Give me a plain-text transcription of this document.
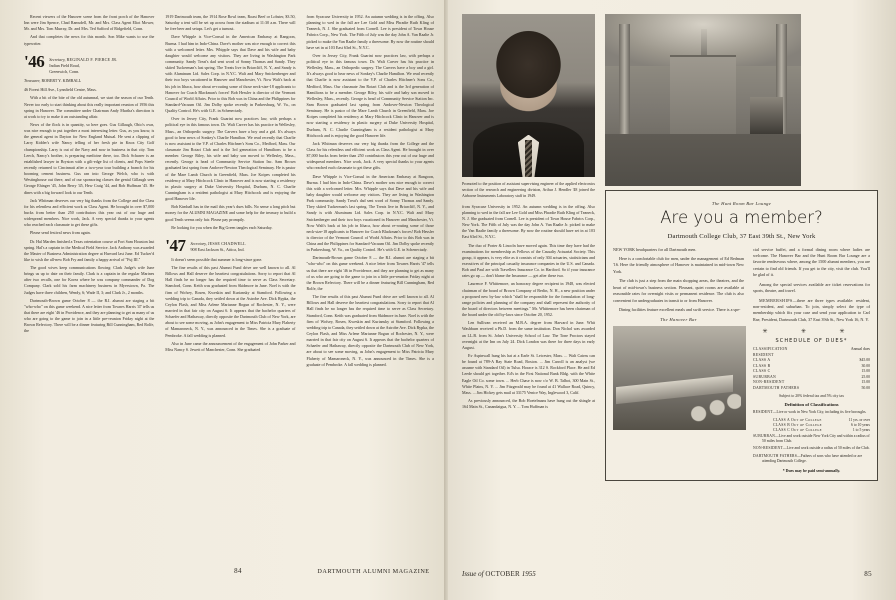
Recent viewers of the Hanover scene from the front porch of the Hanover Inn were Jim Spence, Chad Ramsdell, Mr. and Mrs. Class Agent Eliot Mower, Mr. and Mrs. Tom Murray, Dr. and Mrs. Ted Safford of Ridgefield, Conn.

And that completes the news for this month. Son Mike wants to use the typewriter.

'46 Secretary, REGINALD F. PIERCE JR.
Indian Field Road,
Greenwich, Conn.
Treasurer, ROBERT Y. KIMBALL
46 Forest Hill Ave., Lynnfield Centre, Mass.

With a bit of the bite of the old autumnal, we start the season of our Tenth. Never too early to start thinking about this really important reunion of 1956 this spring in Hanover. The committee under Chairman Andy Murtha's direction is at work to try to make it an outstanding affair.

News of the flock is in quantity, so here goes. Gus Gillaugh, Ohio's own, was nice enough to put together a most interesting letter. Gus, as you know, is the general agent in Dayton for New England Mutual. He sent a clipping of Larry Kidder's wife Nancy telling of her fresh pie in Knox City Golf championship. Larry is out of the Navy and now in business in that city. Tom Leech, Nancy's brother, is preparing medicine there, too. Dick Scharrer is an established lawyer in Bryston with a gilt-edge list of clients, and Pops Steele recently returned to Cincinnati after a two-year tour building a branch for his booming cement business. Gus ran into George Welch, who is with Westinghouse out there, and of our sponsoring classes the genial Gillaugh sees George Ehinger '45, John Berry '45, Hew Craig '44, and Bob Huffman '45. He dines with a big forward look to our Tenth.

Jack Whitman deserves our very big thanks from the College and the Class for his relentless and efficient work as Class Agent. He brought in over $7,000 bucks from better than 250 contributors this year out of our huge and widespread members. Nice work, Jack. A very special thanks to your agents who reached each classmate to get these gifts.

Please send festival news from again.

Dr. Hal Marden finished a Texas orientation course at Fort Sam Houston last spring. Hal's a captain in the Medical Field Service. Jack Anthony was awarded the Master of Business Administration degree at Harvard last June. Ed Tucker'd like to wish the all-new Bob Fry and family a happy arrival of "Fuj III."

The good wives keep communications flowing: Clark Judge's wife June brings us up to date on their family. Clark is a captain in the regular Marines after two recalls, one for Korea where he was company commander of Dog Company. Clark sold his farm machinery business in Myerstown, Pa. The Judges have three children, Wendy, 6; Wade II, 3; and Clark Jr., 2 months.

Dartmouth-Brown game October 8 — the R.I. alumni are staging a bit "who-who" on this game weekend. A nice letter from Townes Harris '47 tells us that there are eight '46 in Providence, and they are planning to get as many of us who are going to the game to join in a little pre-reunion Friday night at the Brown Refectory. There will be a dinner featuring Bill Cunningham, Red Rolfe, the

1919 Dartmouth team, the 1914 Rose Bowl team, Roast Beef or Lobster, $3.50, Saturday a tent will be set up across from the stadium at 11:30 a.m. There will be free beer and setups. Let's get a turnout.

Dave Whipple is Vice-Consul in the American Embassy at Rangoon, Burma. I had him in Indo-China. Dave's mother was nice enough to correct this with a welcomed letter. Mrs. Whipple says that Dave and his wife and baby daughter would welcome any visitors. They are living in Washington Park community. Sandy Treat's dad sent word of Sonny Thomas and Sandy. They skiied Tuckerman's last spring. The Treats live in Briarcliff, N. Y., and Sandy is with Aluminum Ltd. Sales Corp. in N.Y.C. Walt and Mary Snickenberger and their two boys vacationed in Hanover and Manchester, Vt. Now Walt's back at his job in Ithaca, how about re-routing some of those neck-size-18 applicants to Hanover for Coach Blackman's forces! Bob Hessler is director of the Vermont Council of World Affairs. Prior to this Bob was in China and the Philippines for Standard-Vacuum Oil. Jim Dolby spoke recently in Parkersburg, W. Va., on Quality Control. He's with G.E. in Schenectady.

Over in Jersey City, Frank Guarini now practices law, with perhaps a political eye in this famous town. Dr. Walt Carver has his practice in Wellesley, Mass., an Orthopedic surgery. The Carvers have a boy and a girl. It's always good to hear news of Sonkey's Charlie Hamilton. We read recently that Charlie is now assistant to the V.P. of Charles Hitchner's Sons Co., Medford, Mass. Our classmate Jim Rotari Club and is the 3rd generation of Hamiltons to be a member. George Riley, his wife and baby son moved to Wellesley, Mass., recently. George is head of Community Service Station Inc. Sam Brown graduated last spring from Andover-Newton Theological Seminary. He is pastor of the Mare Lamb Church in Greenfield, Mass. Joe Koipes completed his residency at Mary Hitchcock Clinic in Hanover and is now starting a residency in plastic surgery at Duke University Hospital, Durham, N. C. Charlie Cunningham is a resident pathologist at Mary Hitchcock and is enjoying the good Hanover life.

Bob Kimball has in the mail this year's dues bills. No sense a long pitch but money for the ALUMNI MAGAZINE and some help for the treasury to build a good Tenth seems only fair. Please pay promptly.

Be looking for you when the Big Green tangles each Saturday.

'47 Secretary, JESSE CHADWELL
908 East Jackson St., Attica, Ind.

It doesn't seem possible that summer is long-since gone.

The fine results of this past Alumni Fund drive are well known to all. Al Billows and Hall deserve the heartiest congratulations. Sorry to report that Al Hall finds he no longer has the required time to serve as Class Secretary. Stamford, Conn. Keith was graduated from Skidmore in June. Noel is with the firm of Wofsey, Rosen, Kweskin and Kuriansky at Stamford. Following a wedding trip to Canada, they settled down at the Astrobe Ave. Dick Rypka, the Ceylon Flash, and Miss Arlene Marianne Bogun of Rochester, N. Y., were married in that fair city on August 6. It appears that the bachelor quarters of Schaefer and Hathaway, directly opposite the Dartmouth Club of New York, are about to see some moving, as John's engagement to Miss Patricia Mary Flaherty of Mamaroneck, N. Y., was announced in the Times. She is a graduate of Pembroke. A fall wedding is planned.

Also in June came the announcement of the engagement of John Parker and Miss Nancy S. Jewett of Manchester, Conn. She graduated

from Syracuse University in 1952. An autumn wedding is in the offing. Also planning to wed in the fall are Lee Gold and Miss Phradie Ruth Kling of Teaneck, N. J. She graduated from Cornell. Lee is president of Town House Fabrics Corp., New York. The Fifth of July was the day John A. Van Raalte Jr. picked to make the Van Raalte family a threesome. By now the routine should have set in at 103 East 63rd St., N.Y.C.

Over in Jersey City, Frank Guarini now practices law, with perhaps a political eye in this famous town. Dr. Walt Carver has his practice in Wellesley, Mass., an Orthopedic surgery. The Carvers have a boy and a girl. It's always good to hear news of Sonkey's Charlie Hamilton. We read recently that Charlie is now assistant to the V.P. of Charles Hitchner's Sons Co., Medford, Mass. Our classmate Jim Rotari Club and is the 3rd generation of Hamiltons to be a member. George Riley, his wife and baby son moved to Wellesley, Mass., recently. George is head of Community Service Station Inc. Sam Brown graduated last spring from Andover-Newton Theological Seminary. He is pastor of the Mare Lamb Church in Greenfield, Mass. Joe Koipes completed his residency at Mary Hitchcock Clinic in Hanover and is now starting a residency in plastic surgery at Duke University Hospital, Durham, N. C. Charlie Cunningham is a resident pathologist at Mary Hitchcock and is enjoying the good Hanover life.

Jack Whitman deserves our very big thanks from the College and the Class for his relentless and efficient work as Class Agent. He brought in over $7,000 bucks from better than 250 contributors this year out of our huge and widespread members. Nice work, Jack. A very special thanks to your agents who reached each classmate to get these gifts.

Dave Whipple is Vice-Consul in the American Embassy at Rangoon, Burma. I had him in Indo-China. Dave's mother was nice enough to correct this with a welcomed letter. Mrs. Whipple says that Dave and his wife and baby daughter would welcome any visitors. They are living in Washington Park community. Sandy Treat's dad sent word of Sonny Thomas and Sandy. They skiied Tuckerman's last spring. The Treats live in Briarcliff, N. Y., and Sandy is with Aluminum Ltd. Sales Corp. in N.Y.C. Walt and Mary Snickenberger and their two boys vacationed in Hanover and Manchester, Vt. Now Walt's back at his job in Ithaca, how about re-routing some of those neck-size-18 applicants to Hanover for Coach Blackman's forces! Bob Hessler is director of the Vermont Council of World Affairs. Prior to this Bob was in China and the Philippines for Standard-Vacuum Oil. Jim Dolby spoke recently in Parkersburg, W. Va., on Quality Control. He's with G.E. in Schenectady.

Dartmouth-Brown game October 8 — the R.I. alumni are staging a bit "who-who" on this game weekend. A nice letter from Townes Harris '47 tells us that there are eight '46 in Providence, and they are planning to get as many of us who are going to the game to join in a little pre-reunion Friday night at the Brown Refectory. There will be a dinner featuring Bill Cunningham, Red Rolfe, the

The fine results of this past Alumni Fund drive are well known to all. Al Billows and Hall deserve the heartiest congratulations. Sorry to report that Al Hall finds he no longer has the required time to serve as Class Secretary. Stamford, Conn. Keith was graduated from Skidmore in June. Noel is with the firm of Wofsey, Rosen, Kweskin and Kuriansky at Stamford. Following a wedding trip to Canada, they settled down at the Astrobe Ave. Dick Rypka, the Ceylon Flash, and Miss Arlene Marianne Bogun of Rochester, N. Y., were married in that fair city on August 6. It appears that the bachelor quarters of Schaefer and Hathaway, directly opposite the Dartmouth Club of New York, are about to see some moving, as John's engagement to Miss Patricia Mary Flaherty of Mamaroneck, N. Y., was announced in the Times. She is a graduate of Pembroke. A fall wedding is planned.

84	DARTMOUTH ALUMNI MAGAZINE
Promoted to the position of assistant supervising engineer of the applied electronics section of the research and engineering division, Arthur J. Hendler '48 joined the Airborne Instruments Laboratory staff in 1949.

from Syracuse University in 1952. An autumn wedding is in the offing. Also planning to wed in the fall are Lee Gold and Miss Phradie Ruth Kling of Teaneck, N. J. She graduated from Cornell. Lee is president of Town House Fabrics Corp., New York. The Fifth of July was the day John A. Van Raalte Jr. picked to make the Van Raalte family a threesome. By now the routine should have set in at 103 East 63rd St., N.Y.C.

The duo of Porter & Lincoln have moved again. This time they have had the examinations for membership as Fellows of the Casualty Actuarial Society. This group, it appears, is very elite as it consists of only 304 actuaries, statisticians and executives of the principal casualty insurance companies in the U.S. and Canada. Bob and Paul are with Travellers Insurance Co. in Hartford. So if your insurance rates go up — don't blame the Insurance — get after these two.

Laurence F. Whittemore, an honorary degree recipient in 1948, was elected chairman of the board of Brown Company of Berlin, N. H., a new position under a proposed new by-law which "shall be responsible for the formulation of long-range policies and planning of the company and shall represent the authority of the board of directors between meetings." Mr. Whittemore has been chairman of the board under the old by-laws since October 20, 1952.

Len Sullivan received an M.B.A. degree from Harvard in June. Whit Washburn received a Ph.D. from the same institution. Don Nichol was awarded an LL.B. from St. John's University School of Law. The Tone Proctors stayed overnight at the Inn on July 24. Dick London was there for three days in early August.

Ev Aspinwall hung his hat at a Earle St. Leicester, Mass. ... Walt Cairns can be found at 789-A Bay State Road, Boston. ... Jim Carroll is an analyst (we assume with Standard Oil) in Tulsa. Horace is 312 S. Rockford Place. He and Ed Leede should get together. Ed's in the First National Bank Bldg. with the White Eagle Oil Co. some town. ... Herb Chase is now c/o W. B. Talbot, 300 Main St., White Plains, N. Y. ... Jim Fitzgerald may be found at 41 Wallace Road, Quincy, Mass. ... Jim Hickey gets mail at 33175 Venice Way, Inglewood 3, Calif.

As previously announced, the Bob Hoetelmans have hung out the shingle at 164 Main St., Canandaigua, N. Y. ... Tom Huffman is

The Hunt Room Bar Lounge
Are you a member?
Dartmouth College Club, 37 East 39th St., New York

NEW YORK headquarters for all Dartmouth men.

Here is a comfortable club for men, under the management of Ed Redman '16. Here the friendly atmosphere of Hanover is maintained in mid-town New York.

The club is just a step from the main shopping areas, the theatres, and the heart of mid-town's business section. Pleasant, quiet rooms are available at reasonable rates for overnight visits or permanent residence. The club is also convenient for undergraduates in transit to or from Hanover.

Dining facilities feature excellent meals and swift service. There is a spe-

The Hanover Bar

cial service buffet, and a formal dining room where ladies are welcome. The Hanover Bar and the Hunt Room Bar Lounge are a favorite rendezvous where, among the 1500 alumni members, you are certain to find old friends. If you get to the city, visit the club. You'll be glad of it.

Among the special services available are ticket reservations for sports, theatre, and travel.

MEMBERSHIPS—there are three types available: resident, non-resident, and suburban. To join, simply select the type of membership which fits your case and send your application to Carl Rae, President, Dartmouth Club, 37 East 39th St., New York 16, N. Y.

✳ ✳ ✳
SCHEDULE OF DUES*
CLASSIFICATION		Annual dues
RESIDENT		
CLASS A		$45.00
CLASS B		30.00
CLASS C		15.00
SUBURBAN		25.00
NON-RESIDENT		15.00
DARTMOUTH FATHERS		50.00
Subject to 20% federal tax and 5% city tax
Definition of Classifications
RESIDENT—Live or work in New York City, including its five boroughs.
CLASS A Out of College	11 yrs. or over
CLASS B Out of College	6 to 10 years
CLASS C Out of College	1 to 5 years
SUBURBAN—Live and work outside New York City and within a radius of 50 miles from Club.
NON-RESIDENT—Live and work outside a radius of 50 miles of the Club.
DARTMOUTH FATHERS—Fathers of sons who have attended or are attending Dartmouth College.
* Dues may be paid semi-annually.
Issue of OCTOBER 1955	85
